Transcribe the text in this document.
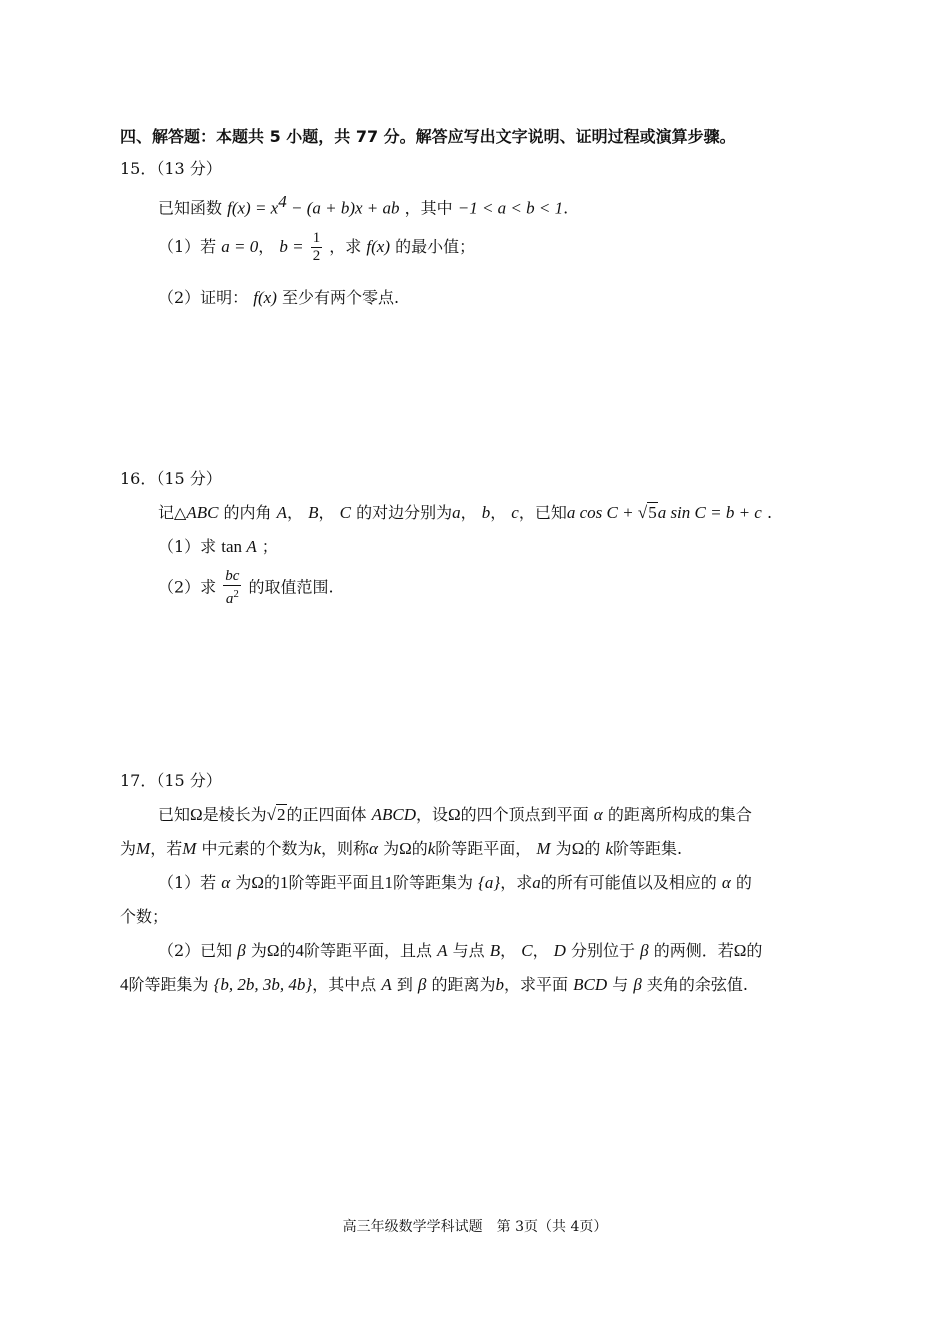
四、解答题：本题共 5 小题，共 77 分。解答应写出文字说明、证明过程或演算步骤。
15．（13 分）
已知函数 $f(x) = x^4 - (a + b)x$ + ab ，其中 −1 < a < b < 1.
（1）若 a = 0， $b = \frac{1}{2}$ ，求 f(x) 的最小值；
（2）证明： f(x) 至少有两个零点.
16．（15 分）
记△ABC 的内角 A， B， C 的对边分别为a， b， c，已知a cos C + √5a sin C = b + c .
（1）求 tan A ；
（2）求 $\frac{bc}{a^2}$ 的取值范围.
17．（15 分）
已知Ω是棱长为√2的正四面体 ABCD，设Ω的四个顶点到平面 α 的距离所构成的集合
为M，若M 中元素的个数为k，则称α 为Ω的k阶等距平面， M 为Ω的 k阶等距集.
（1）若 α 为Ω的1阶等距平面且1阶等距集为 {a}，求a的所有可能值以及相应的 α 的
个数；
（2）已知 β 为Ω的4阶等距平面，且点 A 与点 B， C， D 分别位于 β 的两侧．若Ω的
4阶等距集为 {b, 2b, 3b, 4b}，其中点 A 到 β 的距离为b，求平面 BCD 与 β 夹角的余弦值.
高三年级数学学科试题　第 3页（共 4页）
